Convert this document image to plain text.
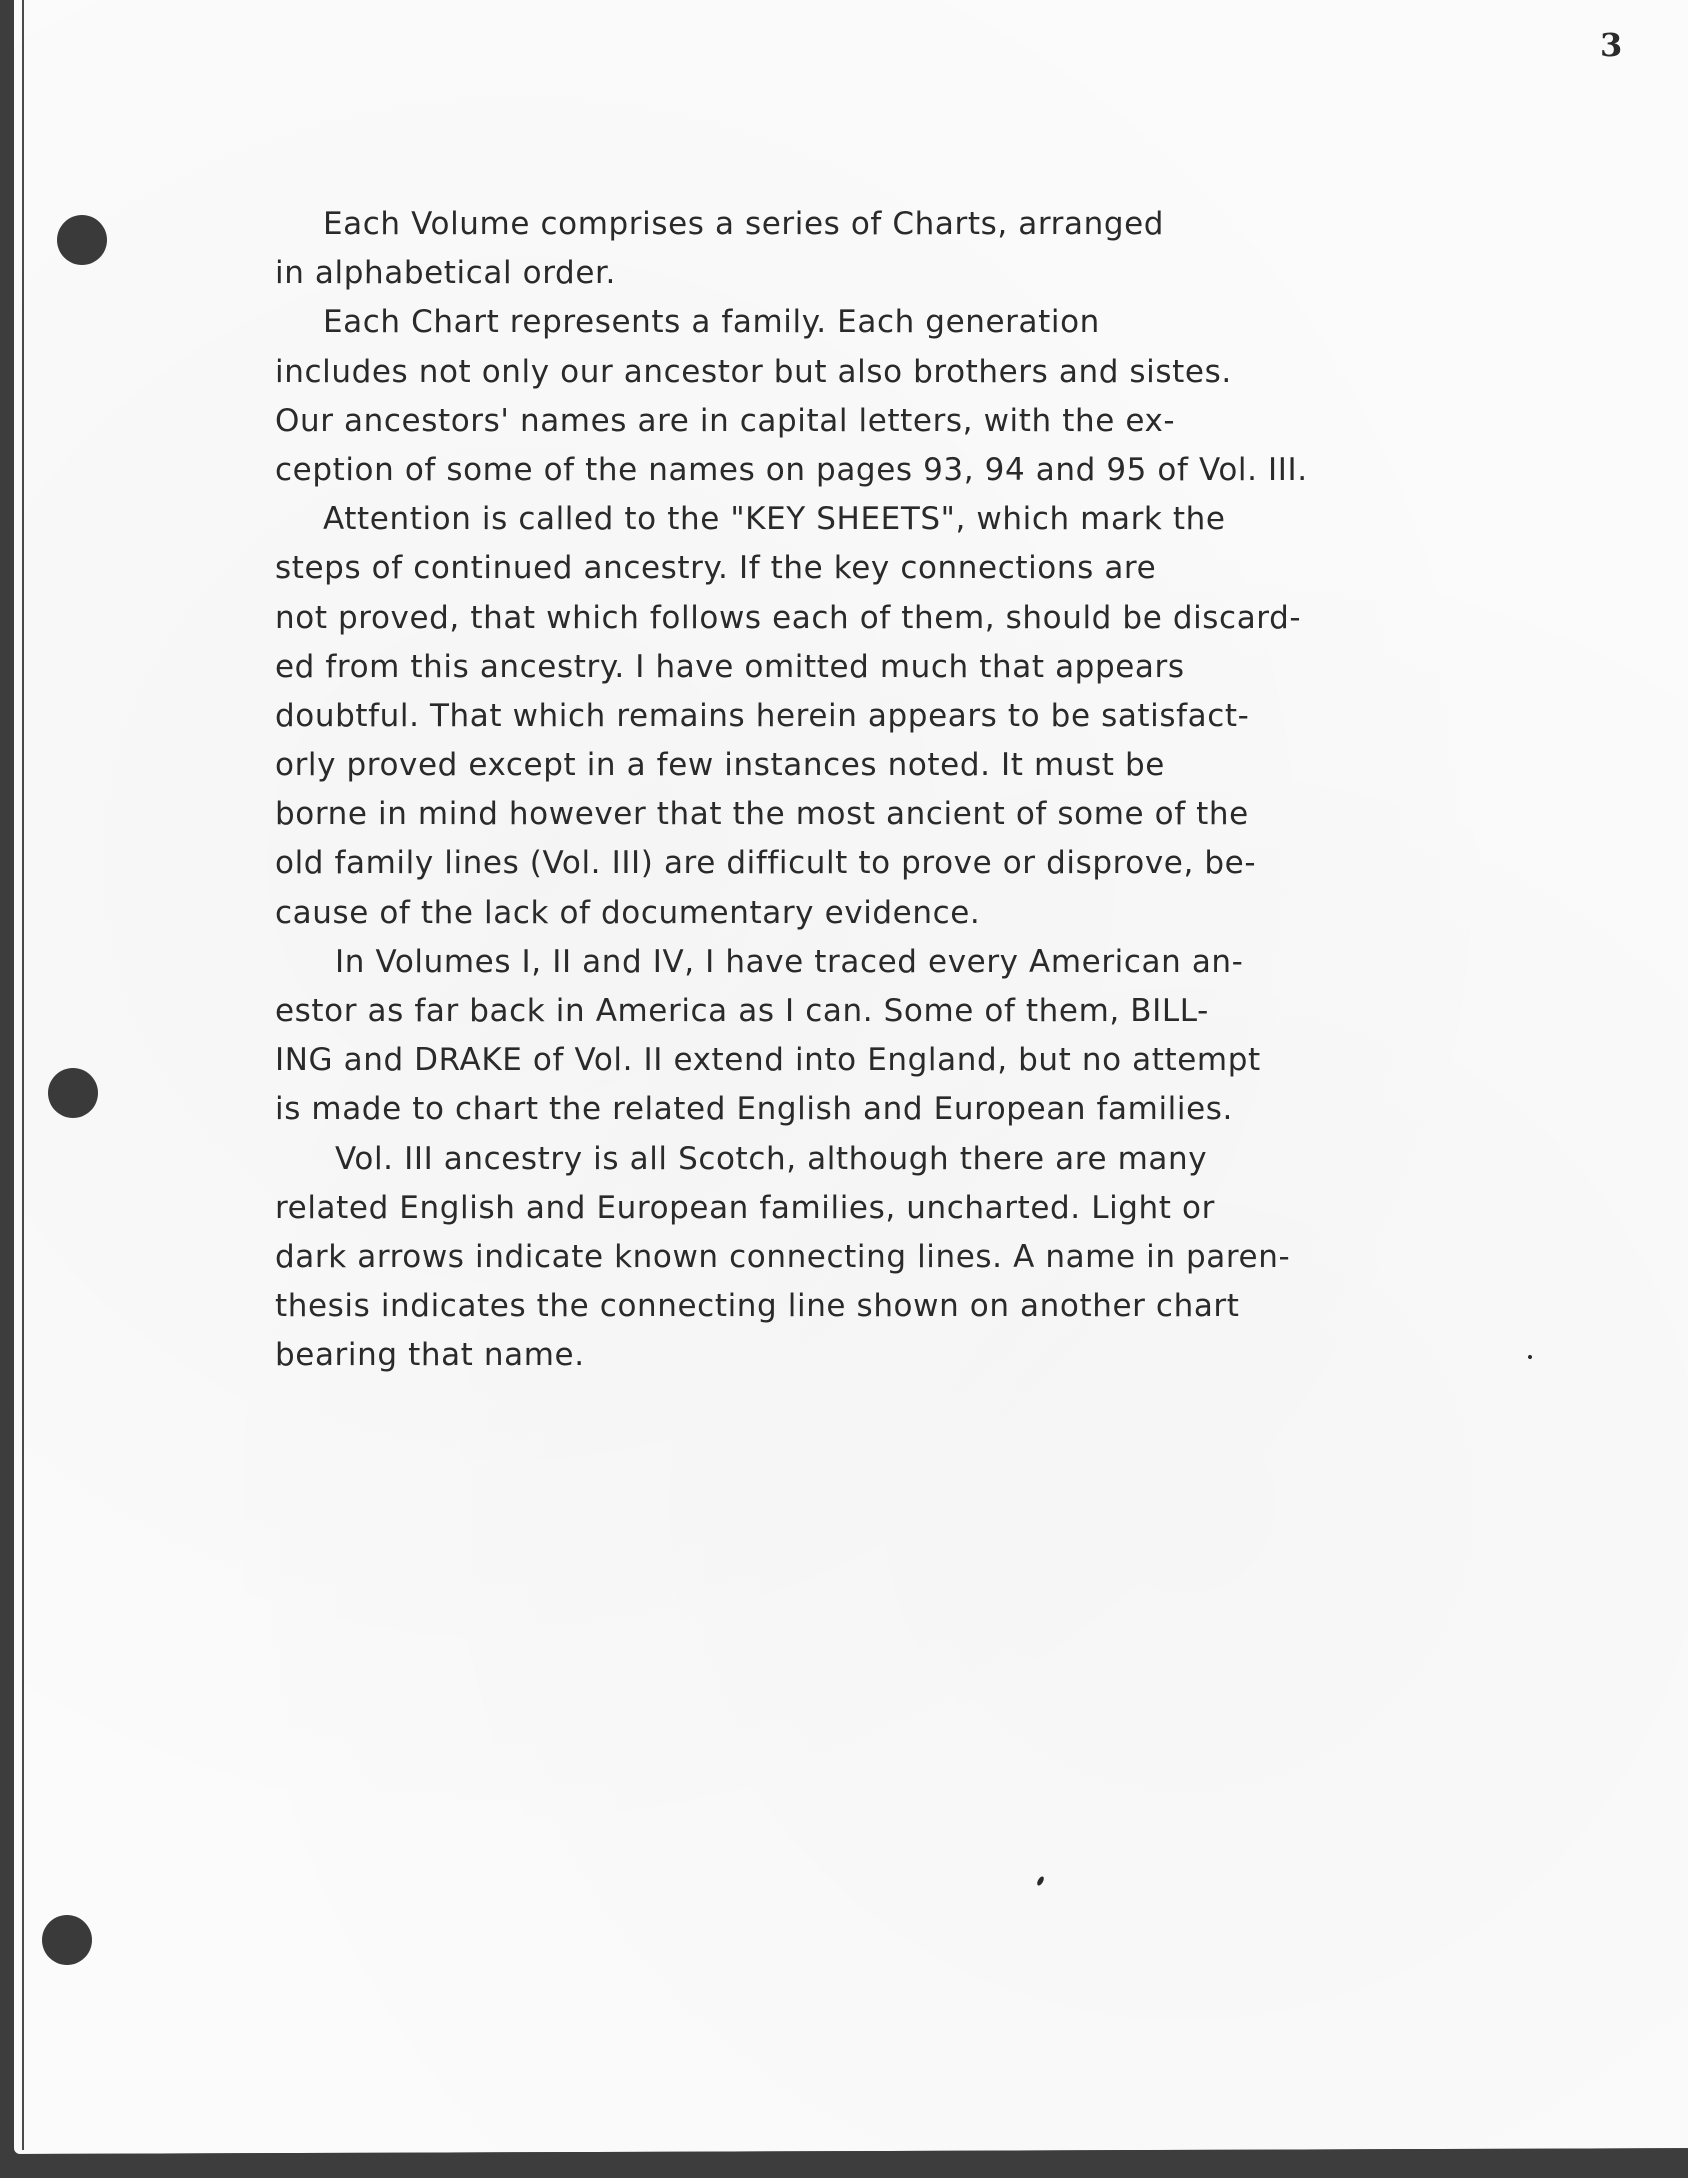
3
Each Volume comprises a series of Charts, arranged
in alphabetical order.
Each Chart represents a family. Each generation
includes not only our ancestor but also brothers and sistes.
Our ancestors' names are in capital letters, with the ex-
ception of some of the names on pages 93, 94 and 95 of Vol. III.
Attention is called to the "KEY SHEETS", which mark the
steps of continued ancestry. If the key connections are
not proved, that which follows each of them, should be discard-
ed from this ancestry. I have omitted much that appears
doubtful. That which remains herein appears to be satisfact-
orly proved except in a few instances noted. It must be
borne in mind however that the most ancient of some of the
old family lines (Vol. III) are difficult to prove or disprove, be-
cause of the lack of documentary evidence.
In Volumes I, II and IV, I have traced every American an-
estor as far back in America as I can. Some of them, BILL-
ING and DRAKE of Vol. II extend into England, but no attempt
is made to chart the related English and European families.
Vol. III ancestry is all Scotch, although there are many
related English and European families, uncharted. Light or
dark arrows indicate known connecting lines. A name in paren-
thesis indicates the connecting line shown on another chart
bearing that name.
